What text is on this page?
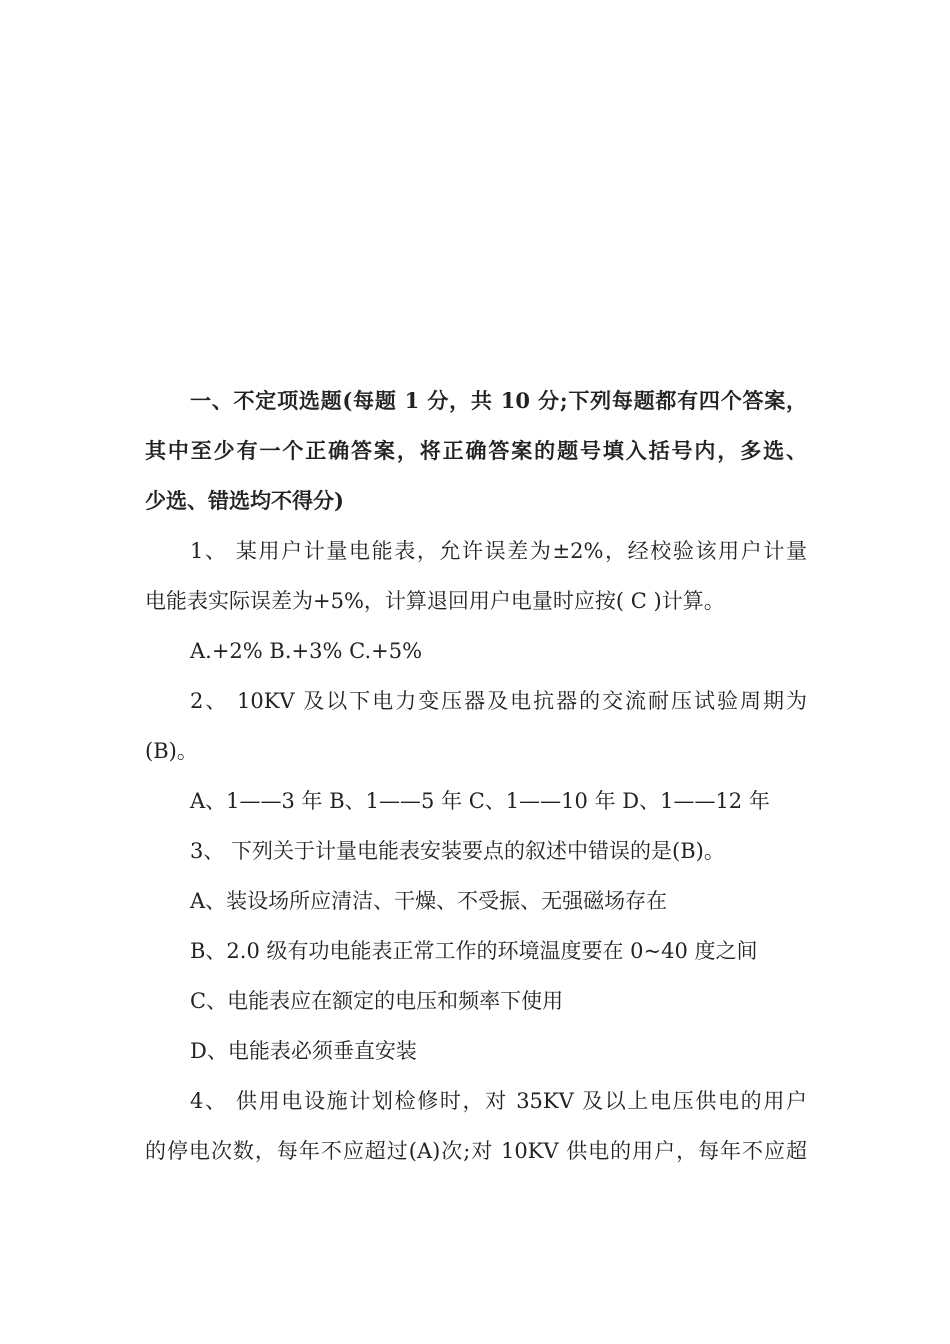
一、不定项选题(每题 1 分，共 10 分;下列每题都有四个答案，
其中至少有一个正确答案，将正确答案的题号填入括号内，多选、
少选、错选均不得分)
1、 某用户计量电能表，允许误差为±2%，经校验该用户计量
电能表实际误差为+5%，计算退回用户电量时应按( C )计算。
A.+2% B.+3% C.+5%
2、 10KV 及以下电力变压器及电抗器的交流耐压试验周期为
(B)。
A、1——3 年 B、1——5 年 C、1——10 年 D、1——12 年
3、 下列关于计量电能表安装要点的叙述中错误的是(B)。
A、装设场所应清洁、干燥、不受振、无强磁场存在
B、2.0 级有功电能表正常工作的环境温度要在 0~40 度之间
C、电能表应在额定的电压和频率下使用
D、电能表必须垂直安装
4、 供用电设施计划检修时，对 35KV 及以上电压供电的用户
的停电次数，每年不应超过(A)次;对 10KV 供电的用户，每年不应超
